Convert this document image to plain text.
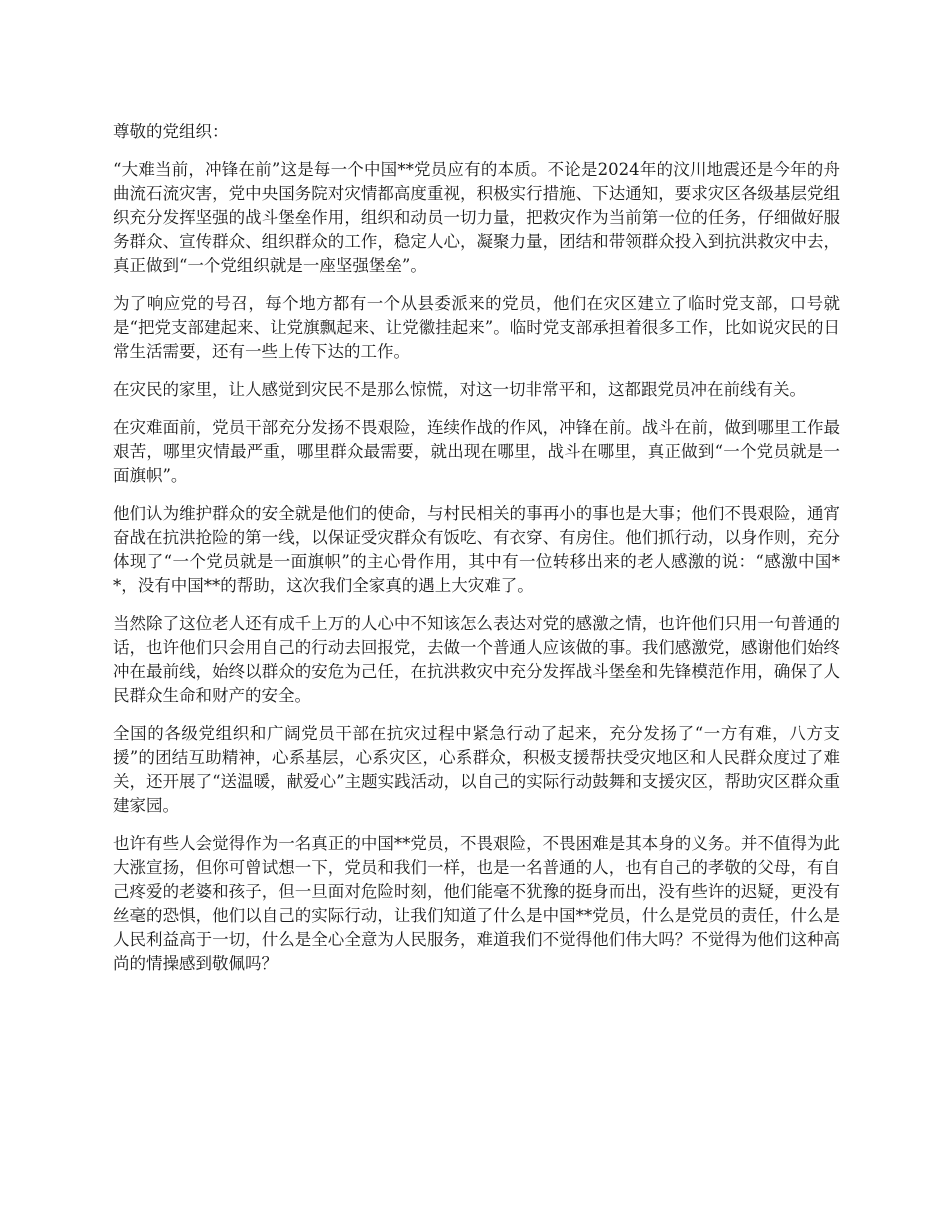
尊敬的党组织：

“大难当前，冲锋在前”这是每一个中国**党员应有的本质。不论是2024年的汶川地震还是今年的舟曲流石流灾害，党中央国务院对灾情都高度重视，积极实行措施、下达通知，要求灾区各级基层党组织充分发挥坚强的战斗堡垒作用，组织和动员一切力量，把救灾作为当前第一位的任务，仔细做好服务群众、宣传群众、组织群众的工作，稳定人心，凝聚力量，团结和带领群众投入到抗洪救灾中去，真正做到“一个党组织就是一座坚强堡垒”。

为了响应党的号召，每个地方都有一个从县委派来的党员，他们在灾区建立了临时党支部，口号就是“把党支部建起来、让党旗飘起来、让党徽挂起来”。临时党支部承担着很多工作，比如说灾民的日常生活需要，还有一些上传下达的工作。

在灾民的家里，让人感觉到灾民不是那么惊慌，对这一切非常平和，这都跟党员冲在前线有关。

在灾难面前，党员干部充分发扬不畏艰险，连续作战的作风，冲锋在前。战斗在前，做到哪里工作最艰苦，哪里灾情最严重，哪里群众最需要，就出现在哪里，战斗在哪里，真正做到“一个党员就是一面旗帜”。

他们认为维护群众的安全就是他们的使命，与村民相关的事再小的事也是大事；他们不畏艰险，通宵奋战在抗洪抢险的第一线，以保证受灾群众有饭吃、有衣穿、有房住。他们抓行动，以身作则，充分体现了“一个党员就是一面旗帜”的主心骨作用，其中有一位转移出来的老人感激的说：“感激中国**，没有中国**的帮助，这次我们全家真的遇上大灾难了。

当然除了这位老人还有成千上万的人心中不知该怎么表达对党的感激之情，也许他们只用一句普通的话，也许他们只会用自己的行动去回报党，去做一个普通人应该做的事。我们感激党，感谢他们始终冲在最前线，始终以群众的安危为己任，在抗洪救灾中充分发挥战斗堡垒和先锋模范作用，确保了人民群众生命和财产的安全。

全国的各级党组织和广阔党员干部在抗灾过程中紧急行动了起来，充分发扬了“一方有难，八方支援”的团结互助精神，心系基层，心系灾区，心系群众，积极支援帮扶受灾地区和人民群众度过了难关，还开展了“送温暖，献爱心”主题实践活动，以自己的实际行动鼓舞和支援灾区，帮助灾区群众重建家园。

也许有些人会觉得作为一名真正的中国**党员，不畏艰险，不畏困难是其本身的义务。并不值得为此大涨宣扬，但你可曾试想一下，党员和我们一样，也是一名普通的人，也有自己的孝敬的父母，有自己疼爱的老婆和孩子，但一旦面对危险时刻，他们能毫不犹豫的挺身而出，没有些许的迟疑，更没有丝毫的恐惧，他们以自己的实际行动，让我们知道了什么是中国**党员，什么是党员的责任，什么是人民利益高于一切，什么是全心全意为人民服务，难道我们不觉得他们伟大吗？不觉得为他们这种高尚的情操感到敬佩吗？
